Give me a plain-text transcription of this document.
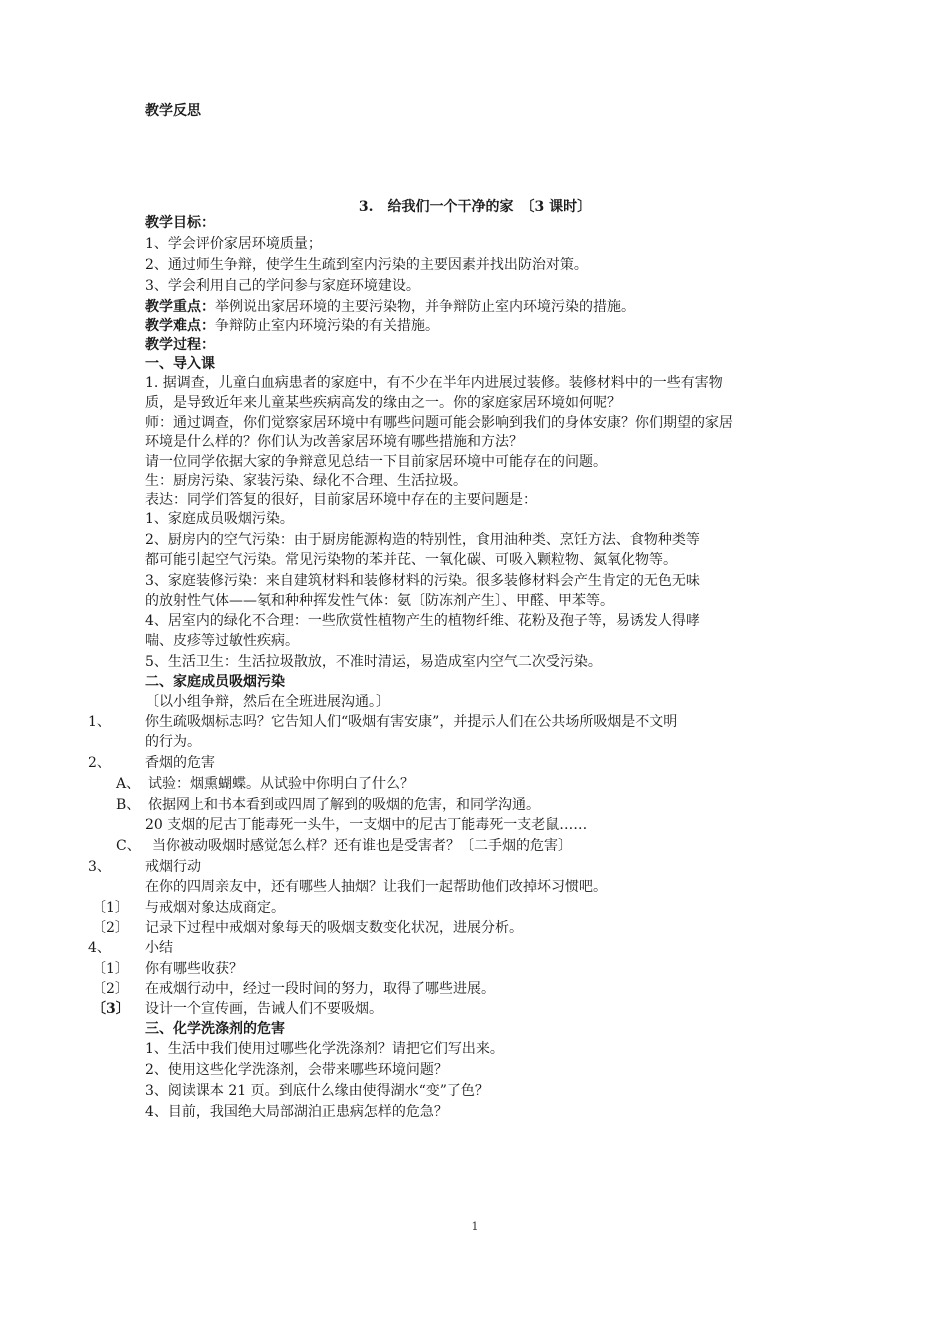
教学反思
3.　给我们一个干净的家　〔3 课时〕
教学目标：
1、学会评价家居环境质量；
2、通过师生争辩，使学生生疏到室内污染的主要因素并找出防治对策。
3、学会利用自己的学问参与家庭环境建设。
教学重点：举例说出家居环境的主要污染物，并争辩防止室内环境污染的措施。
教学难点：争辩防止室内环境污染的有关措施。
教学过程：
一、导入课
1. 据调查，儿童白血病患者的家庭中，有不少在半年内进展过装修。装修材料中的一些有害物
质，是导致近年来儿童某些疾病高发的缘由之一。你的家庭家居环境如何呢？
师：通过调查，你们觉察家居环境中有哪些问题可能会影响到我们的身体安康？你们期望的家居
环境是什么样的？你们认为改善家居环境有哪些措施和方法？
请一位同学依据大家的争辩意见总结一下目前家居环境中可能存在的问题。
生：厨房污染、家装污染、绿化不合理、生活拉圾。
表达：同学们答复的很好，目前家居环境中存在的主要问题是：
1、家庭成员吸烟污染。
2、厨房内的空气污染：由于厨房能源构造的特别性，食用油种类、烹饪方法、食物种类等
都可能引起空气污染。常见污染物的苯并芘、一氧化碳、可吸入颗粒物、氮氧化物等。
3、家庭装修污染：来自建筑材料和装修材料的污染。很多装修材料会产生肯定的无色无味
的放射性气体——氡和种种挥发性气体：氨〔防冻剂产生〕、甲醛、甲苯等。
4、居室内的绿化不合理：一些欣赏性植物产生的植物纤维、花粉及孢子等，易诱发人得哮
喘、皮疹等过敏性疾病。
5、生活卫生：生活拉圾散放，不准时清运，易造成室内空气二次受污染。
二、家庭成员吸烟污染
〔以小组争辩，然后在全班进展沟通。〕
1、 你生疏吸烟标志吗？它告知人们“吸烟有害安康”，并提示人们在公共场所吸烟是不文明
的行为。
2、 香烟的危害
A、 试验：烟熏蝴蝶。从试验中你明白了什么？
B、 依据网上和书本看到或四周了解到的吸烟的危害，和同学沟通。
20 支烟的尼古丁能毒死一头牛，一支烟中的尼古丁能毒死一支老鼠……
C、 当你被动吸烟时感觉怎么样？还有谁也是受害者？〔二手烟的危害〕
3、 戒烟行动
在你的四周亲友中，还有哪些人抽烟？让我们一起帮助他们改掉坏习惯吧。
〔1〕 与戒烟对象达成商定。
〔2〕 记录下过程中戒烟对象每天的吸烟支数变化状况，进展分析。
4、 小结
〔1〕 你有哪些收获？
〔2〕 在戒烟行动中，经过一段时间的努力，取得了哪些进展。
〔3〕 设计一个宣传画，告诫人们不要吸烟。
三、化学洗涤剂的危害
1、生活中我们使用过哪些化学洗涤剂？请把它们写出来。
2、使用这些化学洗涤剂，会带来哪些环境问题？
3、阅读课本 21 页。到底什么缘由使得湖水“变”了色？
4、目前，我国绝大局部湖泊正患病怎样的危急？
1
